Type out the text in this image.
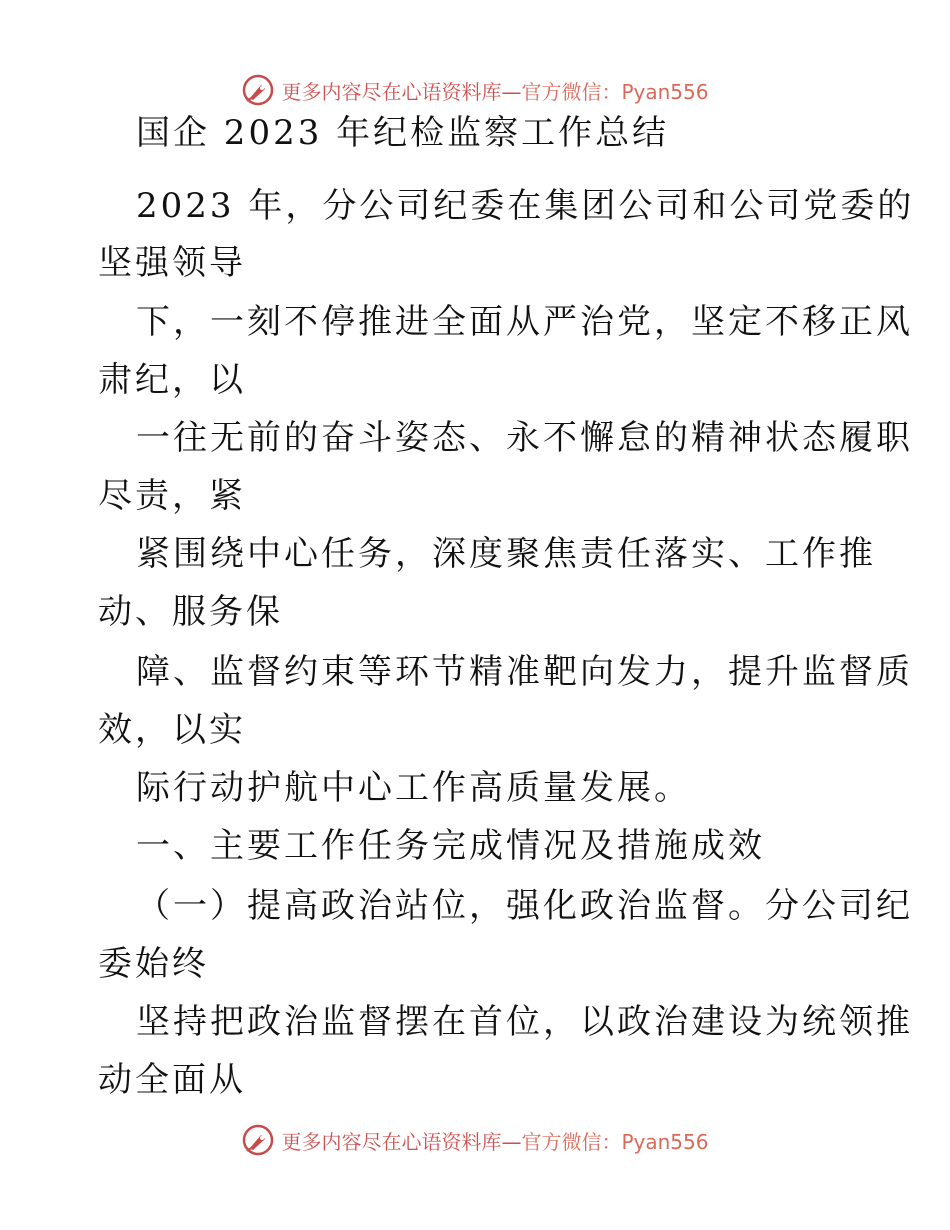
更多内容尽在心语资料库—官方微信：Pyan556
国企 2023 年纪检监察工作总结
2023 年，分公司纪委在集团公司和公司党委的
坚强领导
下，一刻不停推进全面从严治党，坚定不移正风
肃纪，以
一往无前的奋斗姿态、永不懈怠的精神状态履职
尽责，紧
紧围绕中心任务，深度聚焦责任落实、工作推
动、服务保
障、监督约束等环节精准靶向发力，提升监督质
效，以实
际行动护航中心工作高质量发展。
一、主要工作任务完成情况及措施成效
（一）提高政治站位，强化政治监督。分公司纪
委始终
坚持把政治监督摆在首位，以政治建设为统领推
动全面从
更多内容尽在心语资料库—官方微信：Pyan556
